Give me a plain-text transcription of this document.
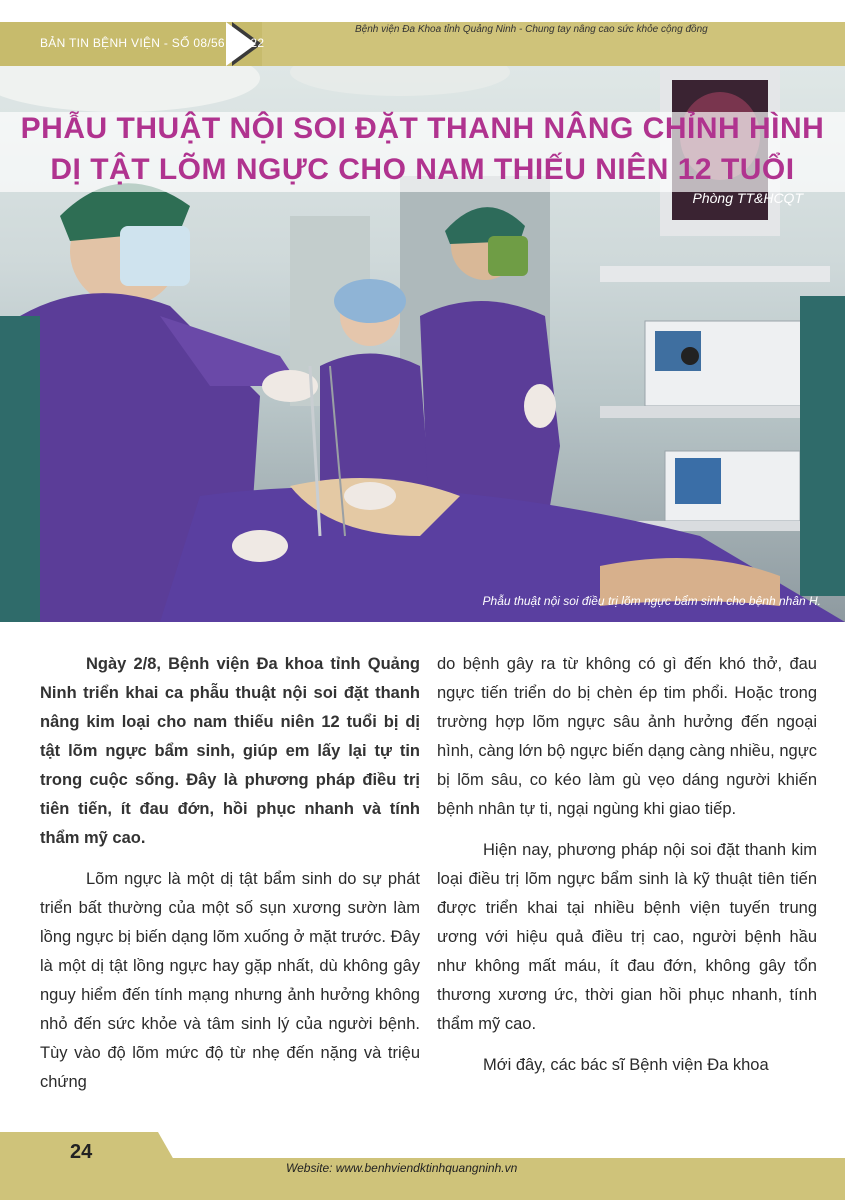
BẢN TIN BỆNH VIỆN - SỐ 08/56 - 2022
Bệnh viện Đa Khoa tỉnh Quảng Ninh - Chung tay nâng cao sức khỏe cộng đồng
PHẪU THUẬT NỘI SOI ĐẶT THANH NÂNG CHỈNH HÌNH
DỊ TẬT LÕM NGỰC CHO NAM THIẾU NIÊN 12 TUỔI
Phòng TT&HCQT
Phẫu thuật nội soi điều trị lõm ngực bẩm sinh cho bệnh nhân H.

Ngày 2/8, Bệnh viện Đa khoa tỉnh Quảng Ninh triển khai ca phẫu thuật nội soi đặt thanh nâng kim loại cho nam thiếu niên 12 tuổi bị dị tật lõm ngực bẩm sinh, giúp em lấy lại tự tin trong cuộc sống. Đây là phương pháp điều trị tiên tiến, ít đau đớn, hồi phục nhanh và tính thẩm mỹ cao.

Lõm ngực là một dị tật bẩm sinh do sự phát triển bất thường của một số sụn xương sườn làm lồng ngực bị biến dạng lõm xuống ở mặt trước. Đây là một dị tật lồng ngực hay gặp nhất, dù không gây nguy hiểm đến tính mạng nhưng ảnh hưởng không nhỏ đến sức khỏe và tâm sinh lý của người bệnh. Tùy vào độ lõm mức độ từ nhẹ đến nặng và triệu chứng

do bệnh gây ra từ không có gì đến khó thở, đau ngực tiến triển do bị chèn ép tim phổi. Hoặc trong trường hợp lõm ngực sâu ảnh hưởng đến ngoại hình, càng lớn bộ ngực biến dạng càng nhiều, ngực bị lõm sâu, co kéo làm gù vẹo dáng người khiến bệnh nhân tự ti, ngại ngùng khi giao tiếp.

Hiện nay, phương pháp nội soi đặt thanh kim loại điều trị lõm ngực bẩm sinh là kỹ thuật tiên tiến được triển khai tại nhiều bệnh viện tuyến trung ương với hiệu quả điều trị cao, người bệnh hầu như không mất máu, ít đau đớn, không gây tổn thương xương ức, thời gian hồi phục nhanh, tính thẩm mỹ cao.

Mới đây, các bác sĩ Bệnh viện Đa khoa

24
Website: www.benhviendktinhquangninh.vn
